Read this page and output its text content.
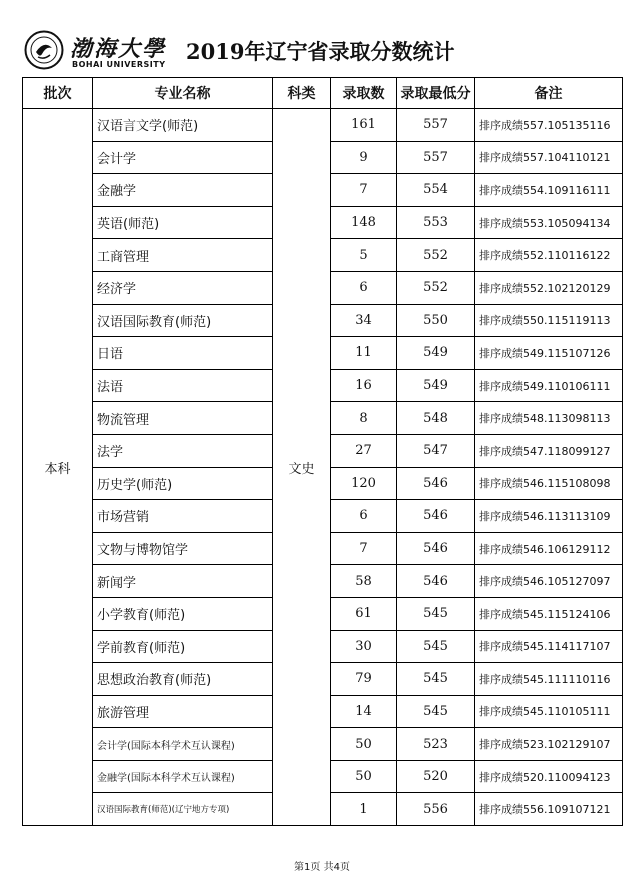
渤海大學
BOHAI UNIVERSITY
2019年辽宁省录取分数统计
批次	专业名称	科类	录取数	录取最低分	备注
本科	汉语言文学(师范)	文史	161	557	排序成绩557.105135116
	会计学		9	557	排序成绩557.104110121
	金融学		7	554	排序成绩554.109116111
	英语(师范)		148	553	排序成绩553.105094134
	工商管理		5	552	排序成绩552.110116122
	经济学		6	552	排序成绩552.102120129
	汉语国际教育(师范)		34	550	排序成绩550.115119113
	日语		11	549	排序成绩549.115107126
	法语		16	549	排序成绩549.110106111
	物流管理		8	548	排序成绩548.113098113
	法学		27	547	排序成绩547.118099127
	历史学(师范)		120	546	排序成绩546.115108098
	市场营销		6	546	排序成绩546.113113109
	文物与博物馆学		7	546	排序成绩546.106129112
	新闻学		58	546	排序成绩546.105127097
	小学教育(师范)		61	545	排序成绩545.115124106
	学前教育(师范)		30	545	排序成绩545.114117107
	思想政治教育(师范)		79	545	排序成绩545.111110116
	旅游管理		14	545	排序成绩545.110105111
	会计学(国际本科学术互认课程)		50	523	排序成绩523.102129107
	金融学(国际本科学术互认课程)		50	520	排序成绩520.110094123
	汉语国际教育(师范)(辽宁地方专项)		1	556	排序成绩556.109107121
第1页 共4页
